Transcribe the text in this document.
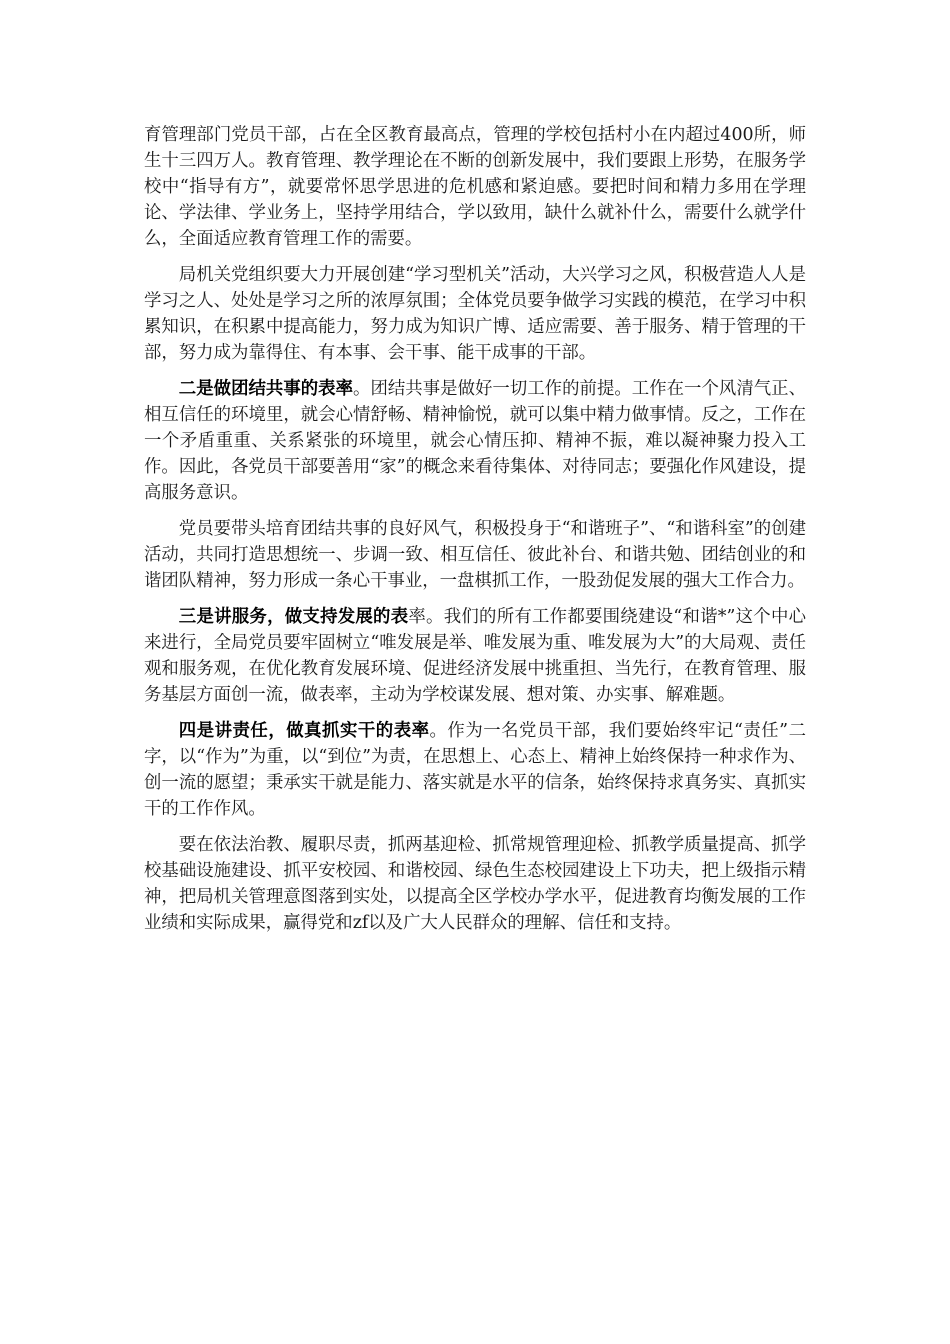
育管理部门党员干部，占在全区教育最高点，管理的学校包括村小在内超过400所，师生十三四万人。教育管理、教学理论在不断的创新发展中，我们要跟上形势，在服务学校中“指导有方”，就要常怀思学思进的危机感和紧迫感。要把时间和精力多用在学理论、学法律、学业务上，坚持学用结合，学以致用，缺什么就补什么，需要什么就学什么，全面适应教育管理工作的需要。

局机关党组织要大力开展创建“学习型机关”活动，大兴学习之风，积极营造人人是学习之人、处处是学习之所的浓厚氛围；全体党员要争做学习实践的模范，在学习中积累知识，在积累中提高能力，努力成为知识广博、适应需要、善于服务、精于管理的干部，努力成为靠得住、有本事、会干事、能干成事的干部。

二是做团结共事的表率。团结共事是做好一切工作的前提。工作在一个风清气正、相互信任的环境里，就会心情舒畅、精神愉悦，就可以集中精力做事情。反之，工作在一个矛盾重重、关系紧张的环境里，就会心情压抑、精神不振，难以凝神聚力投入工作。因此，各党员干部要善用“家”的概念来看待集体、对待同志；要强化作风建设，提高服务意识。

党员要带头培育团结共事的良好风气，积极投身于“和谐班子”、“和谐科室”的创建活动，共同打造思想统一、步调一致、相互信任、彼此补台、和谐共勉、团结创业的和谐团队精神，努力形成一条心干事业，一盘棋抓工作，一股劲促发展的强大工作合力。

三是讲服务，做支持发展的表率。我们的所有工作都要围绕建设“和谐*”这个中心来进行，全局党员要牢固树立“唯发展是举、唯发展为重、唯发展为大”的大局观、责任观和服务观，在优化教育发展环境、促进经济发展中挑重担、当先行，在教育管理、服务基层方面创一流，做表率，主动为学校谋发展、想对策、办实事、解难题。

四是讲责任，做真抓实干的表率。作为一名党员干部，我们要始终牢记“责任”二字，以“作为”为重，以“到位”为责，在思想上、心态上、精神上始终保持一种求作为、创一流的愿望；秉承实干就是能力、落实就是水平的信条，始终保持求真务实、真抓实干的工作作风。

要在依法治教、履职尽责，抓两基迎检、抓常规管理迎检、抓教学质量提高、抓学校基础设施建设、抓平安校园、和谐校园、绿色生态校园建设上下功夫，把上级指示精神，把局机关管理意图落到实处，以提高全区学校办学水平，促进教育均衡发展的工作业绩和实际成果，赢得党和zf以及广大人民群众的理解、信任和支持。
